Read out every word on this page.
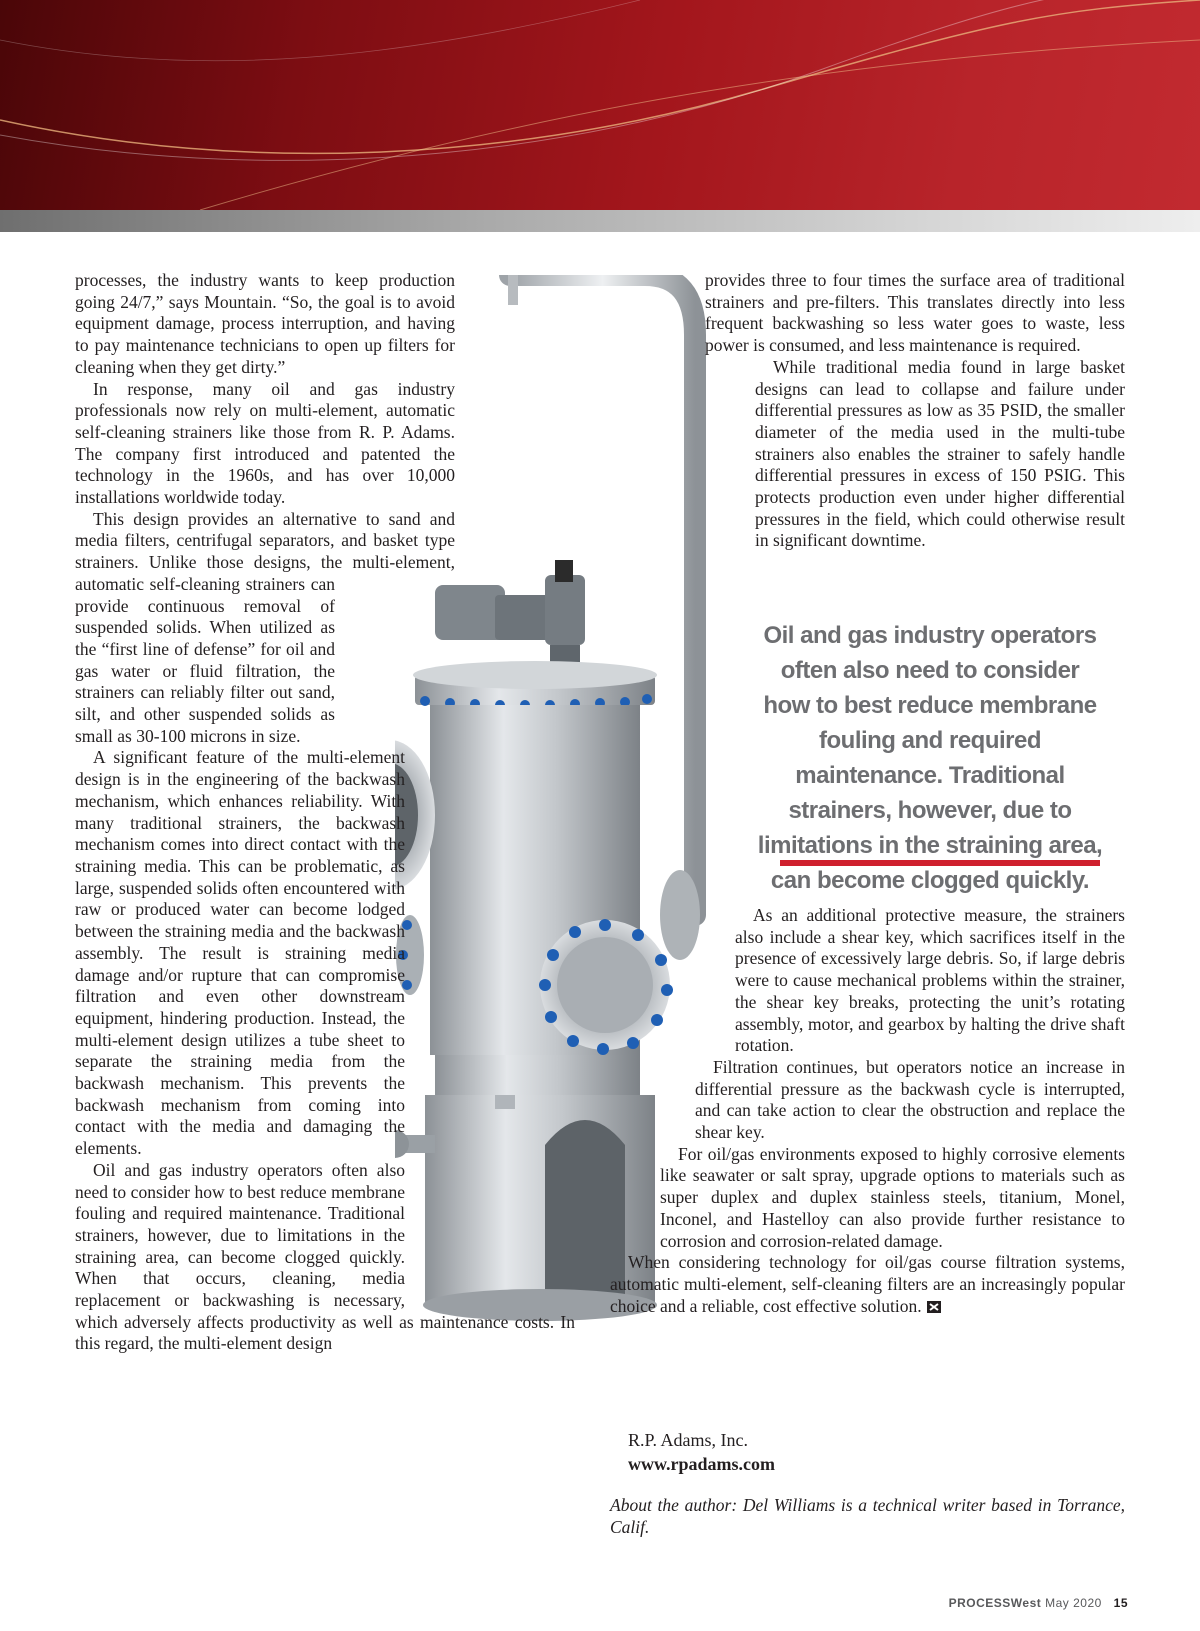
processes, the industry wants to keep production going 24/7,” says Mountain. “So, the goal is to avoid equipment damage, process interruption, and having to pay maintenance technicians to open up filters for cleaning when they get dirty.”

In response, many oil and gas industry professionals now rely on multi-element, automatic self-cleaning strainers like those from R. P. Adams. The company first introduced and patented the technology in the 1960s, and has over 10,000 installations worldwide today.

This design provides an alternative to sand and media filters, centrifugal separators, and basket type strainers. Unlike those designs, the multi-element, automatic self-cleaning strainers can provide continuous removal of suspended solids. When utilized as the “first line of defense” for oil and gas water or fluid filtration, the strainers can reliably filter out sand, silt, and other suspended solids as small as 30-100 microns in size.

A significant feature of the multi-element design is in the engineering of the backwash mechanism, which enhances reliability. With many traditional strainers, the backwash mechanism comes into direct contact with the straining media. This can be problematic, as large, suspended solids often encountered with raw or produced water can become lodged between the straining media and the backwash assembly. The result is straining media damage and/or rupture that can compromise filtration and even other downstream equipment, hindering production. Instead, the multi-element design utilizes a tube sheet to separate the straining media from the backwash mechanism. This prevents the backwash mechanism from coming into contact with the media and damaging the elements.

Oil and gas industry operators often also need to consider how to best reduce membrane fouling and required maintenance. Traditional strainers, however, due to limitations in the straining area, can become clogged quickly. When that occurs, cleaning, media replacement or backwashing is necessary, which adversely affects productivity as well as maintenance costs. In this regard, the multi-element design

provides three to four times the surface area of traditional strainers and pre-filters. This translates directly into less frequent backwashing so less water goes to waste, less power is consumed, and less maintenance is required.

While traditional media found in large basket designs can lead to collapse and failure under differential pressures as low as 35 PSID, the smaller diameter of the media used in the multi-tube strainers also enables the strainer to safely handle differential pressures in excess of 150 PSIG. This protects production even under higher differential pressures in the field, which could otherwise result in significant downtime.

Oil and gas industry operators often also need to consider how to best reduce membrane fouling and required maintenance. Traditional strainers, however, due to limitations in the straining area, can become clogged quickly.

As an additional protective measure, the strainers also include a shear key, which sacrifices itself in the presence of excessively large debris. So, if large debris were to cause mechanical problems within the strainer, the shear key breaks, protecting the unit’s rotating assembly, motor, and gearbox by halting the drive shaft rotation.

Filtration continues, but operators notice an increase in differential pressure as the backwash cycle is interrupted, and can take action to clear the obstruction and replace the shear key.

For oil/gas environments exposed to highly corrosive elements like seawater or salt spray, upgrade options to materials such as super duplex and duplex stainless steels, titanium, Monel, Inconel, and Hastelloy can also provide further resistance to corrosion and corrosion-related damage.

When considering technology for oil/gas course filtration systems, automatic multi-element, self-cleaning filters are an increasingly popular choice and a reliable, cost effective solution.

R.P. Adams, Inc.
www.rpadams.com
About the author: Del Williams is a technical writer based in Torrance, Calif.
PROCESSWest May 2020 15
